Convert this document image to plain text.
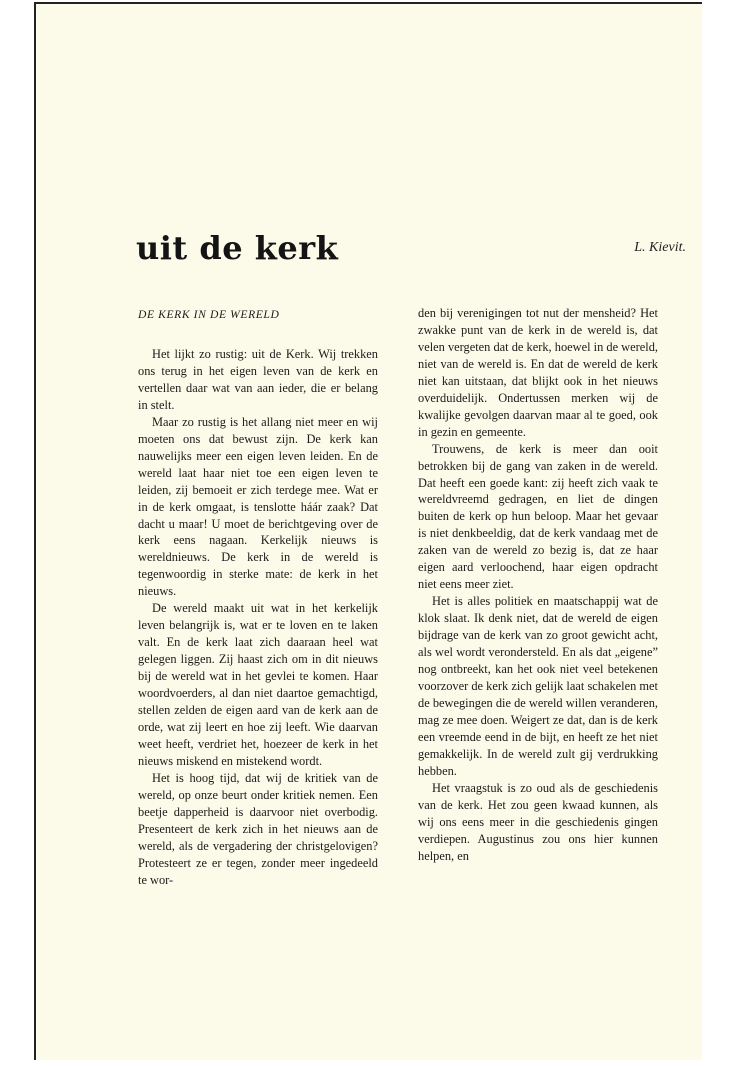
uit de kerk	L. Kievit.
DE KERK IN DE WERELD

Het lijkt zo rustig: uit de Kerk. Wij trekken ons terug in het eigen leven van de kerk en vertellen daar wat van aan ieder, die er belang in stelt.

Maar zo rustig is het allang niet meer en wij moeten ons dat bewust zijn. De kerk kan nauwelijks meer een eigen leven leiden. En de wereld laat haar niet toe een eigen leven te leiden, zij bemoeit er zich terdege mee. Wat er in de kerk omgaat, is tenslotte háár zaak? Dat dacht u maar! U moet de berichtgeving over de kerk eens nagaan. Kerkelijk nieuws is wereldnieuws. De kerk in de wereld is tegenwoordig in sterke mate: de kerk in het nieuws.

De wereld maakt uit wat in het kerkelijk leven belangrijk is, wat er te loven en te laken valt. En de kerk laat zich daaraan heel wat gelegen liggen. Zij haast zich om in dit nieuws bij de wereld wat in het gevlei te komen. Haar woordvoerders, al dan niet daartoe gemachtigd, stellen zelden de eigen aard van de kerk aan de orde, wat zij leert en hoe zij leeft. Wie daarvan weet heeft, verdriet het, hoezeer de kerk in het nieuws miskend en mistekend wordt.

Het is hoog tijd, dat wij de kritiek van de wereld, op onze beurt onder kritiek nemen. Een beetje dapperheid is daarvoor niet overbodig. Presenteert de kerk zich in het nieuws aan de wereld, als de vergadering der christgelovigen? Protesteert ze er tegen, zonder meer ingedeeld te wor-

den bij verenigingen tot nut der mensheid? Het zwakke punt van de kerk in de wereld is, dat velen vergeten dat de kerk, hoewel in de wereld, niet van de wereld is. En dat de wereld de kerk niet kan uitstaan, dat blijkt ook in het nieuws overduidelijk. Ondertussen merken wij de kwalijke gevolgen daarvan maar al te goed, ook in gezin en gemeente.

Trouwens, de kerk is meer dan ooit betrokken bij de gang van zaken in de wereld. Dat heeft een goede kant: zij heeft zich vaak te wereldvreemd gedragen, en liet de dingen buiten de kerk op hun beloop. Maar het gevaar is niet denkbeeldig, dat de kerk vandaag met de zaken van de wereld zo bezig is, dat ze haar eigen aard verloochend, haar eigen opdracht niet eens meer ziet.

Het is alles politiek en maatschappij wat de klok slaat. Ik denk niet, dat de wereld de eigen bijdrage van de kerk van zo groot gewicht acht, als wel wordt verondersteld. En als dat „eigene” nog ontbreekt, kan het ook niet veel betekenen voorzover de kerk zich gelijk laat schakelen met de bewegingen die de wereld willen veranderen, mag ze mee doen. Weigert ze dat, dan is de kerk een vreemde eend in de bijt, en heeft ze het niet gemakkelijk. In de wereld zult gij verdrukking hebben.

Het vraagstuk is zo oud als de geschiedenis van de kerk. Het zou geen kwaad kunnen, als wij ons eens meer in die geschiedenis gingen verdiepen. Augustinus zou ons hier kunnen helpen, en
